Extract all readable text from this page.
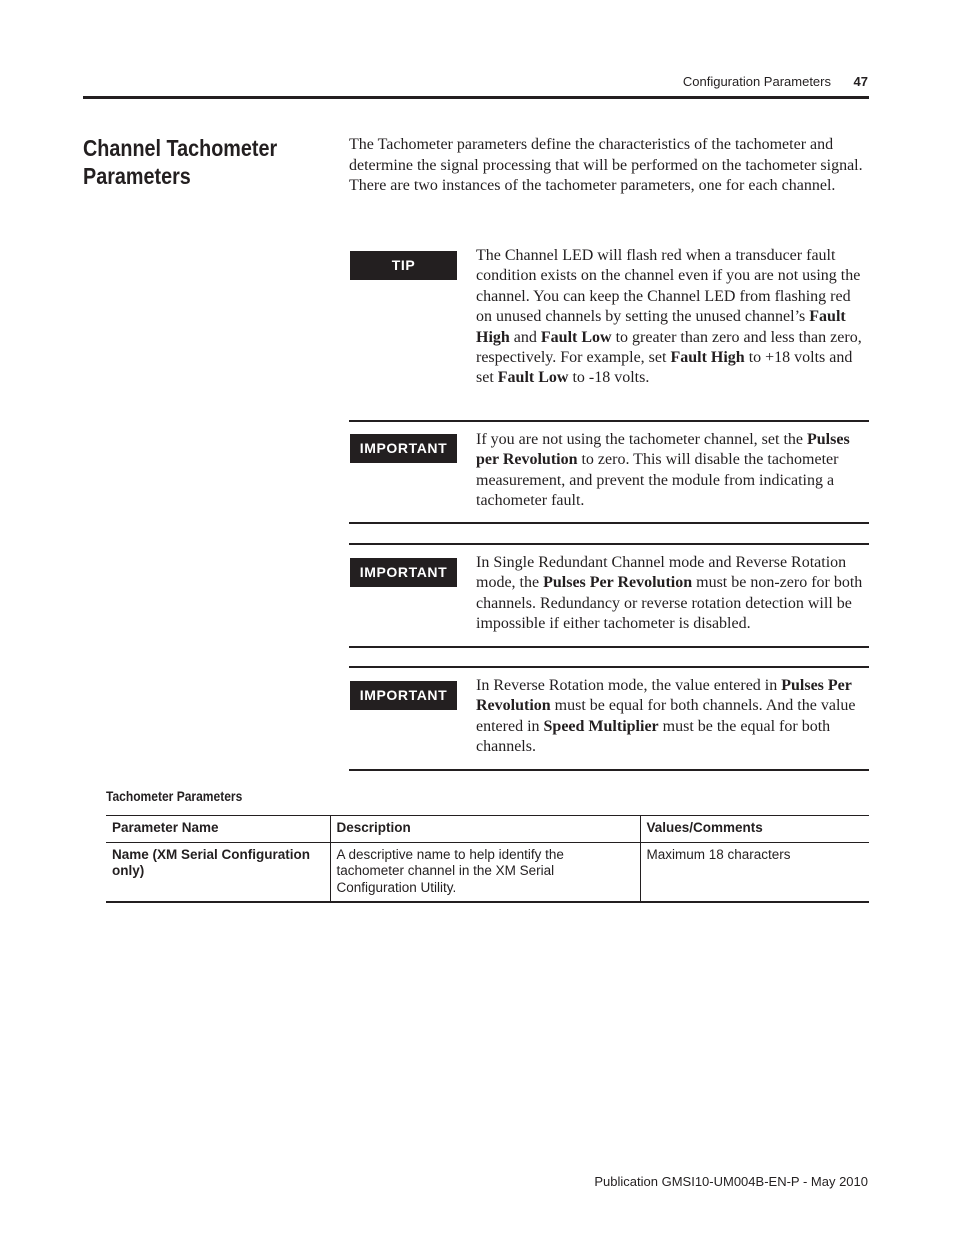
Configuration Parameters 47
Channel Tachometer Parameters

The Tachometer parameters define the characteristics of the tachometer and determine the signal processing that will be performed on the tachometer signal. There are two instances of the tachometer parameters, one for each channel.

TIP
The Channel LED will flash red when a transducer fault condition exists on the channel even if you are not using the channel. You can keep the Channel LED from flashing red on unused channels by setting the unused channel’s Fault High and Fault Low to greater than zero and less than zero, respectively. For example, set Fault High to +18 volts and set Fault Low to -18 volts.
IMPORTANT	If you are not using the tachometer channel, set the Pulses per Revolution to zero. This will disable the tachometer measurement, and prevent the module from indicating a tachometer fault.
IMPORTANT
In Single Redundant Channel mode and Reverse Rotation mode, the Pulses Per Revolution must be non-zero for both channels. Redundancy or reverse rotation detection will be impossible if either tachometer is disabled.
IMPORTANT
In Reverse Rotation mode, the value entered in Pulses Per Revolution must be equal for both channels. And the value entered in Speed Multiplier must be the equal for both channels.
Tachometer Parameters
Parameter Name	Description	Values/Comments
Name (XM Serial Configuration only)	A descriptive name to help identify the tachometer channel in the XM Serial Configuration Utility.	Maximum 18 characters
Publication GMSI10-UM004B-EN-P - May 2010
